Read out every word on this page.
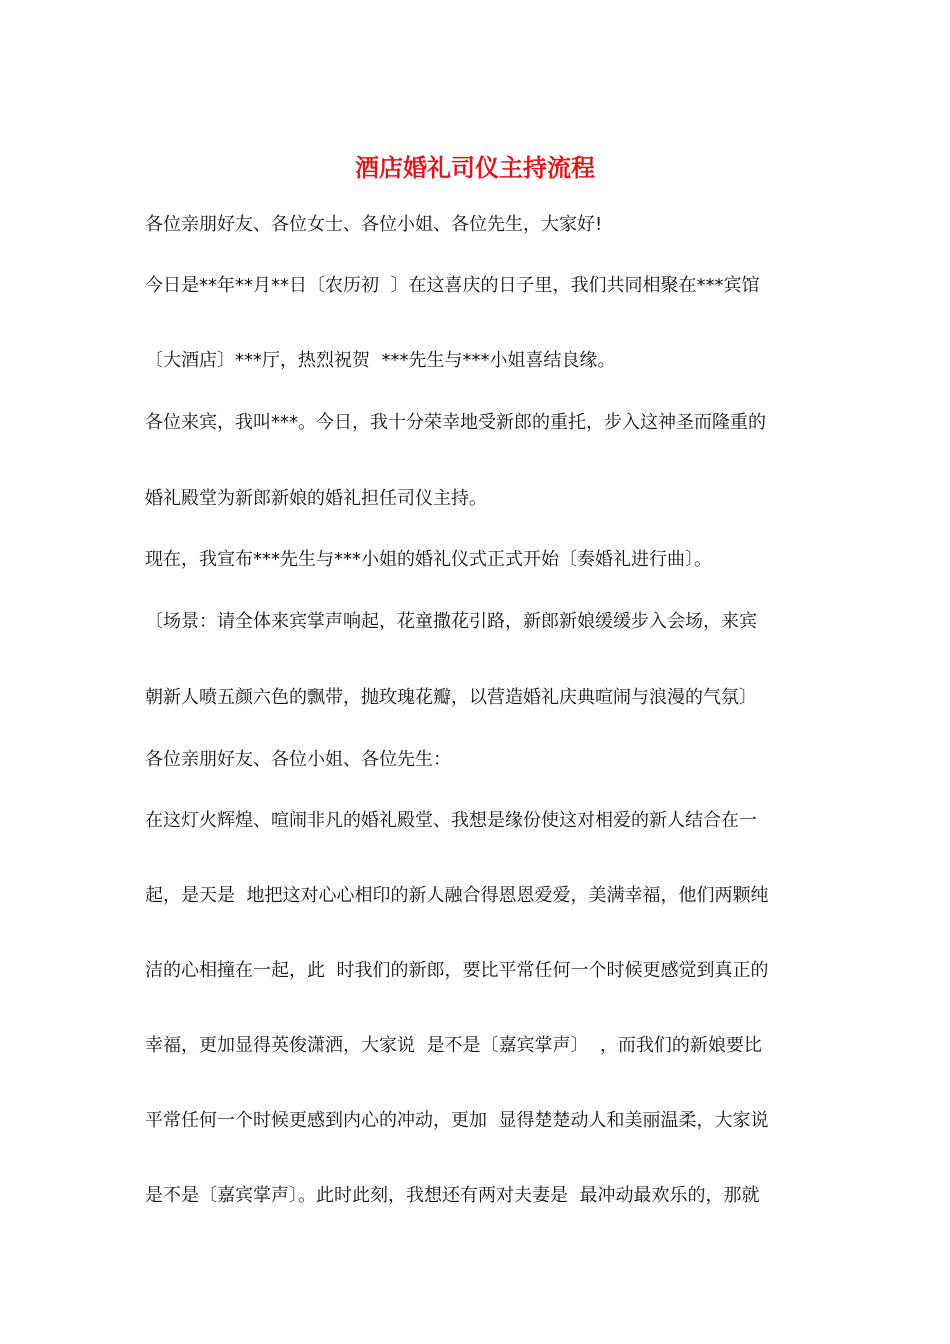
酒店婚礼司仪主持流程
各位亲朋好友、各位女士、各位小姐、各位先生，大家好!
今日是**年**月**日〔农历初  〕在这喜庆的日子里，我们共同相聚在***宾馆
〔大酒店〕***厅，热烈祝贺  ***先生与***小姐喜结良缘。
各位来宾，我叫***。今日，我十分荣幸地受新郎的重托，步入这神圣而隆重的
婚礼殿堂为新郎新娘的婚礼担任司仪主持。
现在，我宣布***先生与***小姐的婚礼仪式正式开始〔奏婚礼进行曲〕。
〔场景：请全体来宾掌声响起，花童撒花引路，新郎新娘缓缓步入会场，来宾
朝新人喷五颜六色的飘带，抛玫瑰花瓣，以营造婚礼庆典喧闹与浪漫的气氛〕
各位亲朋好友、各位小姐、各位先生：
在这灯火辉煌、喧闹非凡的婚礼殿堂、我想是缘份使这对相爱的新人结合在一
起，是天是  地把这对心心相印的新人融合得恩恩爱爱，美满幸福，他们两颗纯
洁的心相撞在一起，此  时我们的新郎，要比平常任何一个时候更感觉到真正的
幸福，更加显得英俊潇洒，大家说  是不是〔嘉宾掌声〕  ，而我们的新娘要比
平常任何一个时候更感到内心的冲动，更加  显得楚楚动人和美丽温柔，大家说
是不是〔嘉宾掌声〕。此时此刻，我想还有两对夫妻是  最冲动最欢乐的，那就
